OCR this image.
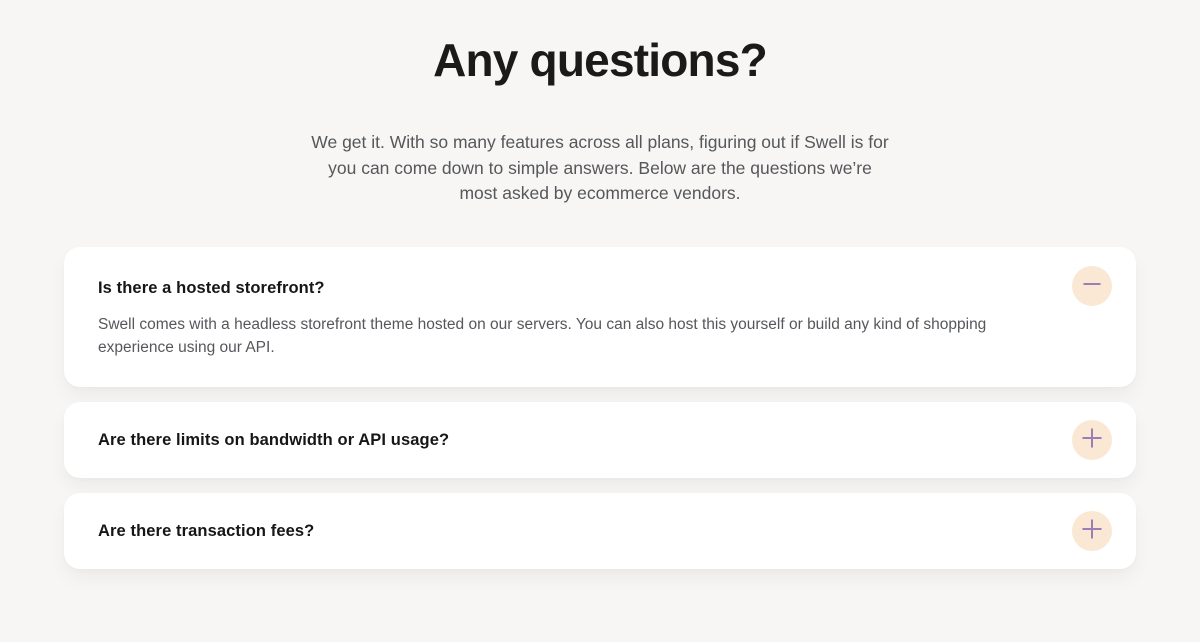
Any questions?
We get it. With so many features across all plans, figuring out if Swell is for
you can come down to simple answers. Below are the questions we’re
most asked by ecommerce vendors.
Is there a hosted storefront?
Swell comes with a headless storefront theme hosted on our servers. You can also host this yourself or build any kind of shopping experience using our API.
Are there limits on bandwidth or API usage?
Are there transaction fees?
